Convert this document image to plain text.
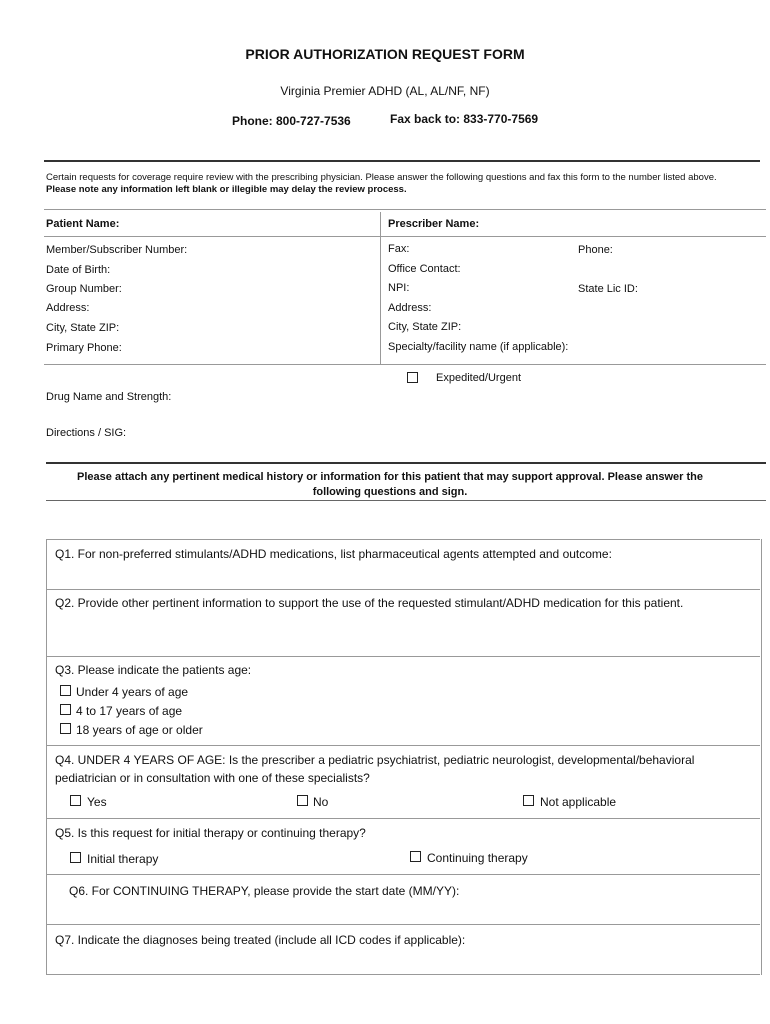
PRIOR AUTHORIZATION REQUEST FORM
Virginia Premier ADHD (AL, AL/NF, NF)
Phone: 800-727-7536	Fax back to: 833-770-7569
Certain requests for coverage require review with the prescribing physician. Please answer the following questions and fax this form to the number listed above. Please note any information left blank or illegible may delay the review process.
Patient Name:	Prescriber Name:
Member/Subscriber Number:
Date of Birth:
Group Number:
Address:
City, State ZIP:
Primary Phone:
Fax:	Phone:
Office Contact:
NPI:	State Lic ID:
Address:
City, State ZIP:
Specialty/facility name (if applicable):
Expedited/Urgent
Drug Name and Strength:
Directions / SIG:
Please attach any pertinent medical history or information for this patient that may support approval. Please answer the following questions and sign.
Q1. For non-preferred stimulants/ADHD medications, list pharmaceutical agents attempted and outcome:
Q2. Provide other pertinent information to support the use of the requested stimulant/ADHD medication for this patient.
Q3. Please indicate the patients age:
Under 4 years of age
4 to 17 years of age
18 years of age or older
Q4. UNDER 4 YEARS OF AGE: Is the prescriber a pediatric psychiatrist, pediatric neurologist, developmental/behavioral pediatrician or in consultation with one of these specialists?
Yes	No	Not applicable
Q5. Is this request for initial therapy or continuing therapy?
Initial therapy	Continuing therapy
Q6. For CONTINUING THERAPY, please provide the start date (MM/YY):
Q7. Indicate the diagnoses being treated (include all ICD codes if applicable):
